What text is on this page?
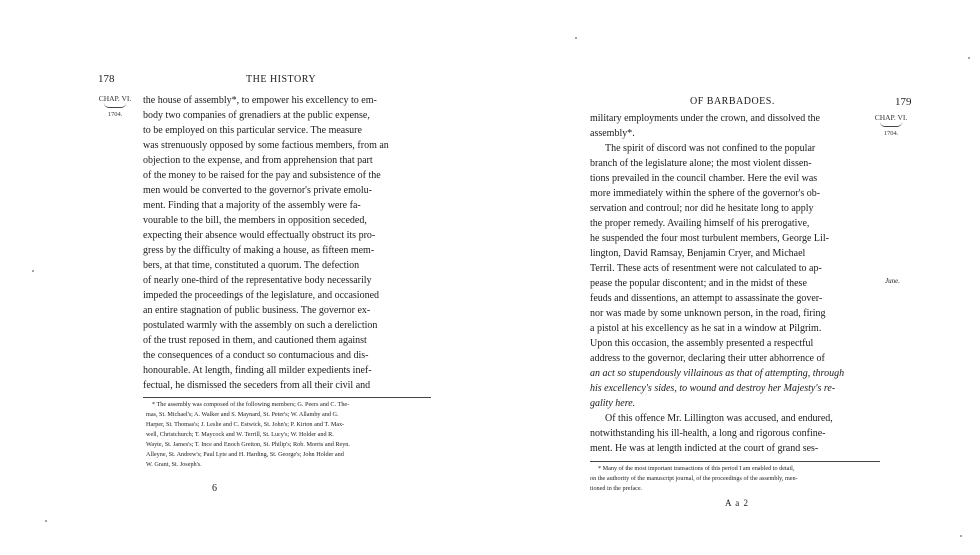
178	THE HISTORY
CHAP. VI.
1704.
the house of assembly*, to empower his excellency to em-
body two companies of grenadiers at the public expense,
to be employed on this particular service. The measure
was strenuously opposed by some factious members, from an
objection to the expense, and from apprehension that part
of the money to be raised for the pay and subsistence of the
men would be converted to the governor's private emolu-
ment. Finding that a majority of the assembly were fa-
vourable to the bill, the members in opposition seceded,
expecting their absence would effectually obstruct its pro-
gress by the difficulty of making a house, as fifteen mem-
bers, at that time, constituted a quorum. The defection
of nearly one-third of the representative body necessarily
impeded the proceedings of the legislature, and occasioned
an entire stagnation of public business. The governor ex-
postulated warmly with the assembly on such a dereliction
of the trust reposed in them, and cautioned them against
the consequences of a conduct so contumacious and dis-
honourable. At length, finding all milder expedients inef-
fectual, he dismissed the seceders from all their civil and
* The assembly was composed of the following members; G. Peers and C. The-
mas, St. Michael's; A. Walker and S. Maynard, St. Peter's; W. Allamby and G.
Harper, St. Thomas's; J. Leslie and C. Estwick, St. John's; P. Kirton and T. Max-
well, Christchurch; T. Maycock and W. Terrill, St. Lucy's; W. Holder and R.
Wayte, St. James's; T. Ince and Enoch Gretton, St. Philip's; Rob. Morris and Reyn.
Alleyne, St. Andrew's; Paul Lyte and H. Harding, St. George's; John Holder and
W. Grant, St. Joseph's.
6
OF BARBADOES.	179
CHAP. VI.
1704.
June.
military employments under the crown, and dissolved the
assembly*.
The spirit of discord was not confined to the popular
branch of the legislature alone; the most violent dissen-
tions prevailed in the council chamber. Here the evil was
more immediately within the sphere of the governor's ob-
servation and controul; nor did he hesitate long to apply
the proper remedy. Availing himself of his prerogative,
he suspended the four most turbulent members, George Lil-
lington, David Ramsay, Benjamin Cryer, and Michael
Terril. These acts of resentment were not calculated to ap-
pease the popular discontent; and in the midst of these
feuds and dissentions, an attempt to assassinate the gover-
nor was made by some unknown person, in the road, firing
a pistol at his excellency as he sat in a window at Pilgrim.
Upon this occasion, the assembly presented a respectful
address to the governor, declaring their utter abhorrence of
an act so stupendously villainous as that of attempting, through
his excellency's sides, to wound and destroy her Majesty's re-
gality here.
Of this offence Mr. Lillington was accused, and endured,
notwithstanding his ill-health, a long and rigorous confine-
ment. He was at length indicted at the court of grand ses-
* Many of the most important transactions of this period I am enabled to detail,
on the authority of the manuscript journal, of the proceedings of the assembly, men-
tioned in the preface.
A a 2
